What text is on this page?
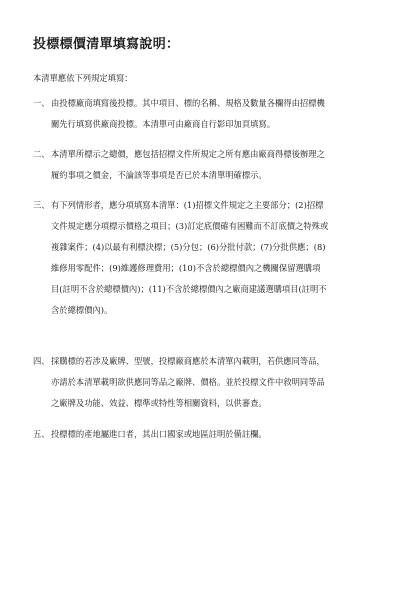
投標標價清單填寫說明：
本清單應依下列規定填寫：
一、由投標廠商填寫後投標。其中項目、標的名稱、規格及數量各欄得由招標機
關先行填寫供廠商投標。本清單可由廠商自行影印加頁填寫。
二、本清單所標示之總價，應包括招標文件所規定之所有應由廠商得標後辦理之
履約事項之價金，不論該等事項是否已於本清單明確標示。
三、有下列情形者，應分項填寫本清單：(1)招標文件規定之主要部分；(2)招標
文件規定應分項標示價格之項目；(3)訂定底價確有困難而不訂底價之特殊或
複雜案件；(4)以最有利標決標；(5)分包；(6)分批付款；(7)分批供應；(8)
維修用零配件；(9)維護修理費用；(10)不含於總標價內之機關保留選購項
目(註明不含於總標價內)；(11)不含於總標價內之廠商建議選購項目(註明不
含於總標價內)。
四、採購標的若涉及廠牌、型號，投標廠商應於本清單內載明，若供應同等品，
亦請於本清單載明欲供應同等品之廠牌、價格。並於投標文件中敘明同等品
之廠牌及功能、效益、標準或特性等相關資料，以供審查。
五、投標標的產地屬進口者，其出口國家或地區註明於備註欄。
